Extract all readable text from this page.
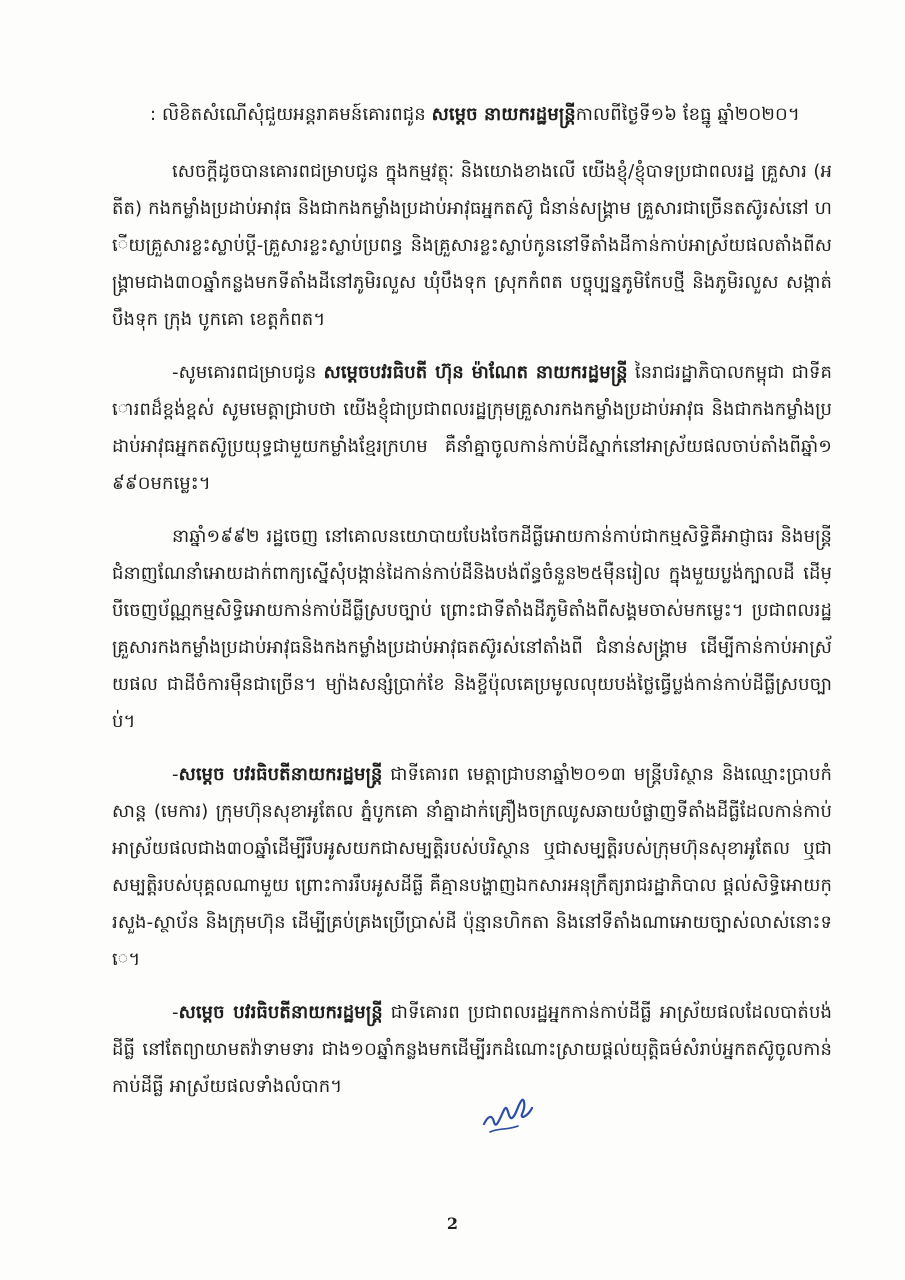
: លិខិតសំណើសុំជួយអន្តរាគមន៍គោរពជូន សម្តេច នាយករដ្ឋមន្ត្រីកាលពីថ្ងៃទី១៦ ខែធ្នូ ឆ្នាំ២០២០។

សេចក្តីដូចបានគោរពជម្រាបជូន ក្នុងកម្មវត្ថុៈ និងយោងខាងលើ យើងខ្ញុំ/ខ្ញុំបាទប្រជាពលរដ្ឋ គ្រួសារ (អតីត) កងកម្លាំងប្រដាប់អាវុធ និងជាកងកម្លាំងប្រដាប់អាវុធអ្នកតស៊ូ ជំនាន់សង្គ្រាម គ្រួសារជាច្រើនតស៊ូរស់នៅ ហើយគ្រួសារខ្លះស្លាប់ប្តី-គ្រួសារខ្លះស្លាប់ប្រពន្ធ និងគ្រួសារខ្លះស្លាប់កូននៅទីតាំងដីកាន់កាប់អាស្រ័យផលតាំងពីសង្គ្រាមជាង៣០ឆ្នាំកន្លងមកទីតាំងដីនៅភូមិរលួស ឃុំបឹងទុក ស្រុកកំពត បច្ចុប្បន្នភូមិកែបថ្មី និងភូមិរលួស សង្កាត់បឹងទុក ក្រុង បូកគោ ខេត្តកំពត។

-សូមគោរពជម្រាបជូន សម្តេចបវរធិបតី ហ៊ុន ម៉ាណែត នាយករដ្ឋមន្ត្រី នៃរាជរដ្ឋាភិបាលកម្ពុជា ជាទីគោរពដ៏ខ្ពង់ខ្ពស់ សូមមេត្តាជ្រាបថា យើងខ្ញុំជាប្រជាពលរដ្ឋក្រុមគ្រួសារកងកម្លាំងប្រដាប់អាវុធ និងជាកងកម្លាំងប្រដាប់អាវុធអ្នកតស៊ូប្រយុទ្ធជាមួយកម្លាំងខ្មែរក្រហម គឺនាំគ្នាចូលកាន់កាប់ដីស្នាក់នៅអាស្រ័យផលចាប់តាំងពីឆ្នាំ១៩៩០មកម្លេះ។

នាឆ្នាំ១៩៩២ រដ្ឋចេញ នៅគោលនយោបាយបែងចែកដីធ្លីអោយកាន់កាប់ជាកម្មសិទ្ធិគឺអាជ្ញាធរ និងមន្ត្រីជំនាញណែនាំអោយដាក់ពាក្យស្នើសុំបង្កាន់ដៃកាន់កាប់ដីនិងបង់ព័ន្ធចំនួន២៥ម៉ឺនរៀល ក្នុងមួយប្លង់ក្បាលដី ដើម្បីចេញប័ណ្ណកម្មសិទ្ធិអោយកាន់កាប់ដីធ្លីស្របច្បាប់ ព្រោះជាទីតាំងដីភូមិតាំងពីសង្គមចាស់មកម្លេះ។ ប្រជាពលរដ្ឋ គ្រួសារកងកម្លាំងប្រដាប់អាវុធនិងកងកម្លាំងប្រដាប់អាវុធតស៊ូរស់នៅតាំងពី ជំនាន់សង្គ្រាម ដើម្បីកាន់កាប់អាស្រ័យផល ជាដីចំការម៉ឺនជាច្រើន។ ម្យ៉ាងសន្សំប្រាក់ខែ និងខ្ចីប៉ុលគេប្រមូលលុយបង់ថ្លៃធ្វើប្លង់កាន់កាប់ដីធ្លីស្របច្បាប់។

-សម្តេច បវរធិបតីនាយករដ្ឋមន្ត្រី ជាទីគោរព មេត្តាជ្រាបនាឆ្នាំ២០១៣ មន្ត្រីបរិស្ថាន និងឈ្មោះប្រាបកំសាន្ត (មេការ) ក្រុមហ៊ុនសុខាអូតែល ភ្នំបូកគោ នាំគ្នាដាក់គ្រឿងចក្រឈូសឆាយបំផ្លាញទីតាំងដីធ្លីដែលកាន់កាប់អាស្រ័យផលជាង៣០ឆ្នាំដើម្បីរឹបអូសយកជាសម្បត្តិរបស់បរិស្ថាន ឬជាសម្បត្តិរបស់ក្រុមហ៊ុនសុខាអូតែល ឬជាសម្បត្តិរបស់បុគ្គលណាមួយ ព្រោះការរឹបអូសដីធ្លី គឺគ្មានបង្ហាញឯកសារអនុក្រឹត្យរាជរដ្ឋាភិបាល ផ្តល់សិទ្ធិអោយក្រសួង-ស្ថាប័ន និងក្រុមហ៊ុន ដើម្បីគ្រប់គ្រងប្រើប្រាស់ដី ប៉ុន្មានហិកតា និងនៅទីតាំងណាអោយច្បាស់លាស់នោះទេ។

-សម្តេច បវរធិបតីនាយករដ្ឋមន្ត្រី ជាទីគោរព ប្រជាពលរដ្ឋអ្នកកាន់កាប់ដីធ្លី អាស្រ័យផលដែលបាត់បង់ដីធ្លី នៅតែព្យាយាមតវ៉ាទាមទារ ជាង១០ឆ្នាំកន្លងមកដើម្បីរកដំណោះស្រាយផ្តល់យុត្តិធម៌សំរាប់អ្នកតស៊ូចូលកាន់កាប់ដីធ្លី អាស្រ័យផលទាំងលំបាក។

2
